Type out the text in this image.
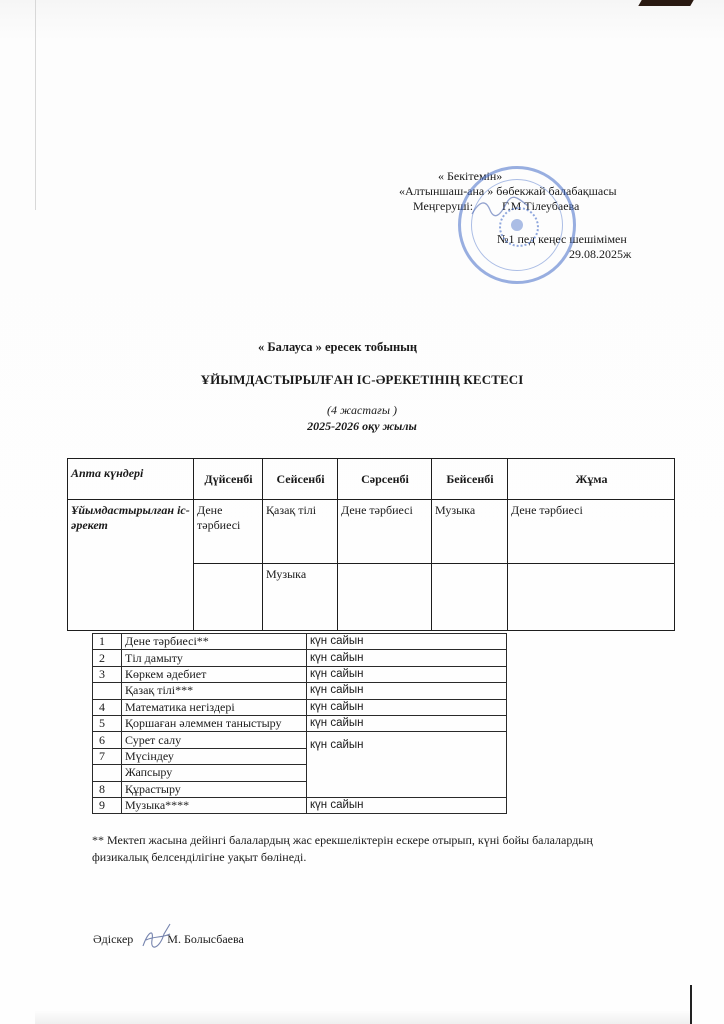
« Бекітемін»
«Алтыншаш-ана » бөбекжай балабақшасы
Меңгеруші: Г.М Тілеубаева
№1 пед кеңес шешімімен
29.08.2025ж
« Балауса » ересек тобының
ҰЙЫМДАСТЫРЫЛҒАН ІС-ӘРЕКЕТІНІҢ КЕСТЕСІ
(4 жастағы )
2025-2026 оқу жылы
Апта күндері	Дүйсенбі	Сейсенбі	Сәрсенбі	Бейсенбі	Жұма
Ұйымдастырылған іс-әрекет	Дене тәрбиесі	Қазақ тілі	Дене тәрбиесі	Музыка	Дене тәрбиесі
		Музыка			
1	Дене тәрбиесі**	күн сайын
2	Тіл дамыту	күн сайын
3	Көркем әдебиет	күн сайын
	Қазақ тілі***	күн сайын
4	Математика негіздері	күн сайын
5	Қоршаған әлеммен таныстыру	күн сайын
6	Сурет салу	күн сайын
7	Мүсіндеу	
	Жапсыру	
8	Құрастыру	
9	Музыка****	күн сайын
** Мектеп жасына дейінгі балалардың жас ерекшеліктерін ескере отырып, күні бойы балалардың физикалық белсенділігіне уақыт бөлінеді.
Әдіскер	М. Болысбаева
